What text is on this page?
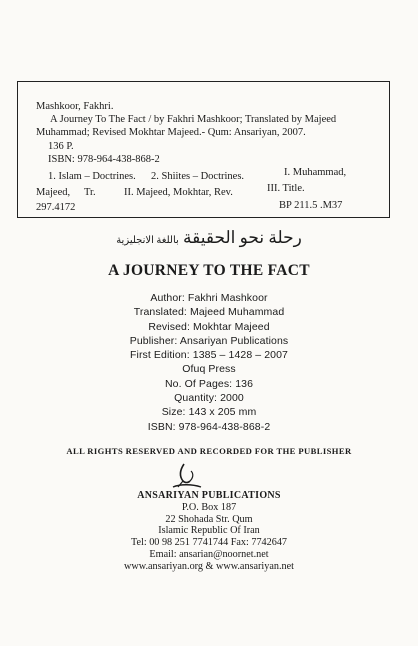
Mashkoor, Fakhri.
A Journey To The Fact / by Fakhri Mashkoor; Translated by Majeed
Muhammad; Revised Mokhtar Majeed.- Qum: Ansariyan, 2007.
136 P.
ISBN: 978-964-438-868-2
1. Islam – Doctrines. 2. Shiites – Doctrines.	I. Muhammad,
Majeed, Tr.	II. Majeed, Mokhtar, Rev.	III. Title.
297.4172	BP 211.5 .M37
رحلة نحو الحقيقة باللغة الانجليزية
A JOURNEY TO THE FACT
Author: Fakhri Mashkoor
Translated: Majeed Muhammad
Revised: Mokhtar Majeed
Publisher: Ansariyan Publications
First Edition: 1385 – 1428 – 2007
Ofuq Press
No. Of Pages: 136
Quantity: 2000
Size: 143 x 205 mm
ISBN: 978-964-438-868-2
ALL RIGHTS RESERVED AND RECORDED FOR THE PUBLISHER
ANSARIYAN PUBLICATIONS
P.O. Box 187
22 Shohada Str. Qum
Islamic Republic Of Iran
Tel: 00 98 251 7741744 Fax: 7742647
Email: ansarian@noornet.net
www.ansariyan.org & www.ansariyan.net
